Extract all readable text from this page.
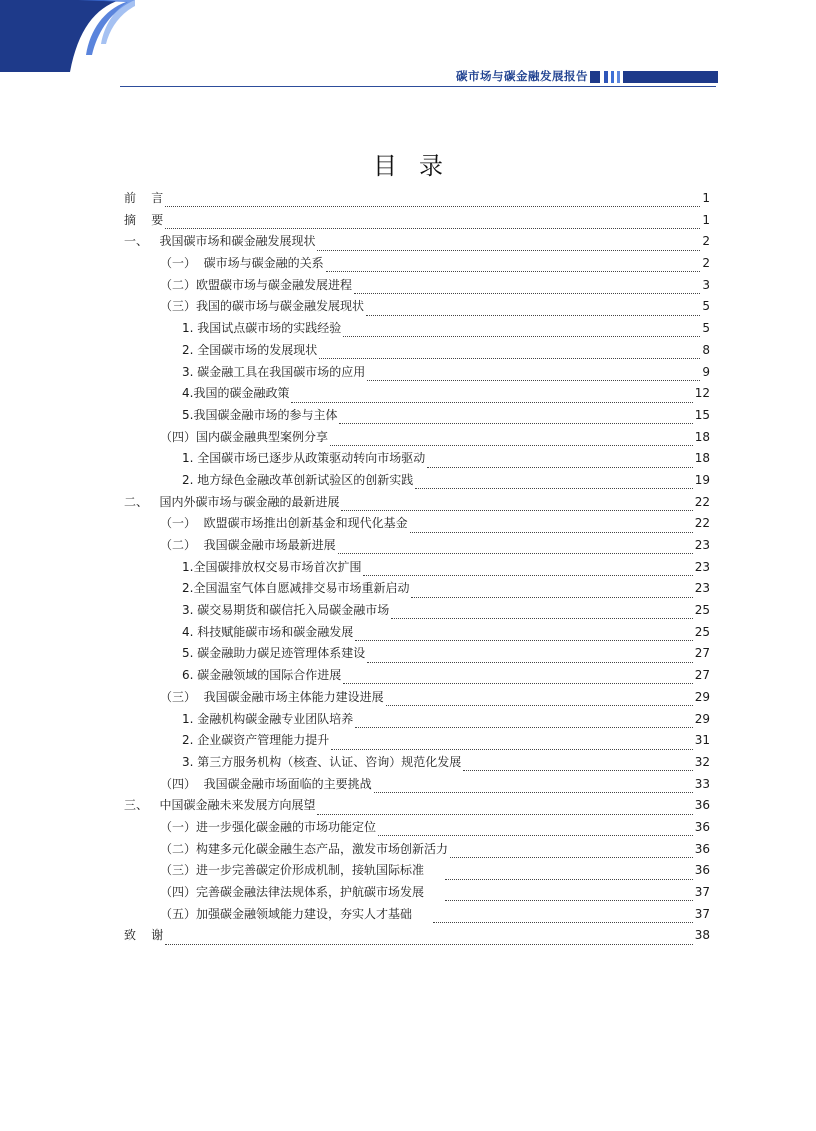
碳市场与碳金融发展报告
目录
前    言	1
摘    要	1
一、   我国碳市场和碳金融发展现状	2
（一）  碳市场与碳金融的关系	2
（二）欧盟碳市场与碳金融发展进程	3
（三）我国的碳市场与碳金融发展现状	5
1. 我国试点碳市场的实践经验	5
2. 全国碳市场的发展现状	8
3. 碳金融工具在我国碳市场的应用	9
4.我国的碳金融政策	12
5.我国碳金融市场的参与主体	15
（四）国内碳金融典型案例分享	18
1. 全国碳市场已逐步从政策驱动转向市场驱动	18
2. 地方绿色金融改革创新试验区的创新实践	19
二、   国内外碳市场与碳金融的最新进展	22
（一）  欧盟碳市场推出创新基金和现代化基金	22
（二）  我国碳金融市场最新进展	23
1.全国碳排放权交易市场首次扩围	23
2.全国温室气体自愿减排交易市场重新启动	23
3. 碳交易期货和碳信托入局碳金融市场	25
4. 科技赋能碳市场和碳金融发展	25
5. 碳金融助力碳足迹管理体系建设	27
6. 碳金融领域的国际合作进展	27
（三）  我国碳金融市场主体能力建设进展	29
1. 金融机构碳金融专业团队培养	29
2. 企业碳资产管理能力提升	31
3. 第三方服务机构（核查、认证、咨询）规范化发展	32
（四）  我国碳金融市场面临的主要挑战	33
三、   中国碳金融未来发展方向展望	36
（一）进一步强化碳金融的市场功能定位	36
（二）构建多元化碳金融生态产品，激发市场创新活力	36
（三）进一步完善碳定价形成机制，接轨国际标准	36
（四）完善碳金融法律法规体系，护航碳市场发展	37
（五）加强碳金融领域能力建设，夯实人才基础	37
致    谢	38
